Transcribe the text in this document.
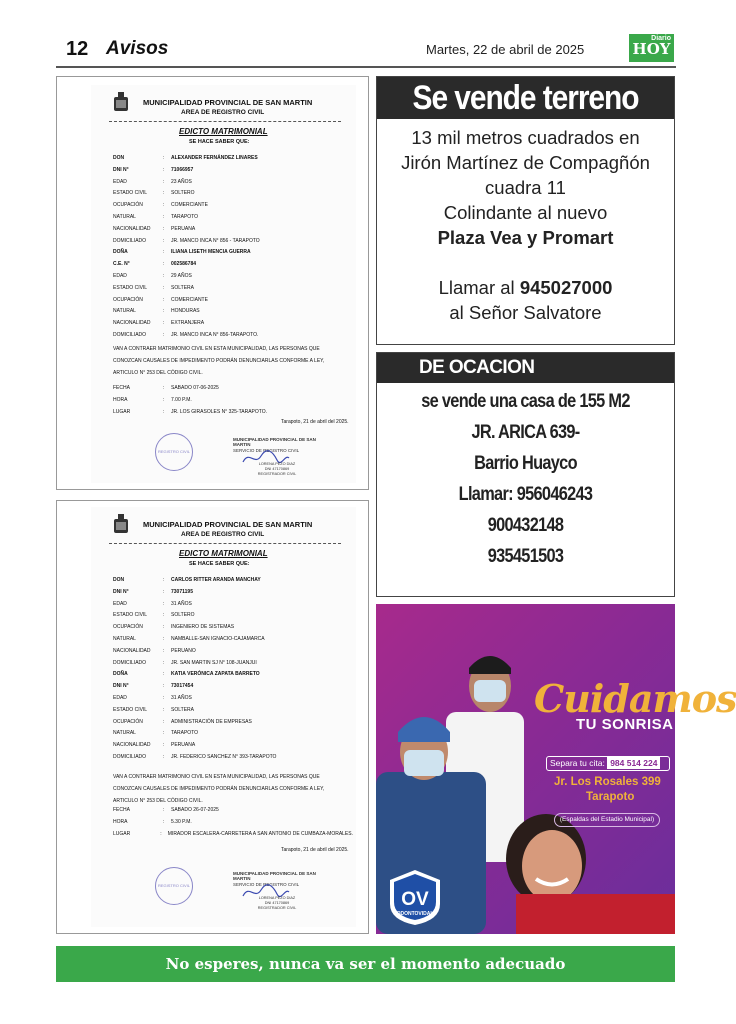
12 Avisos	Martes, 22 de abril de 2025
Diario
HOY
MUNICIPALIDAD PROVINCIAL DE SAN MARTIN
AREA DE REGISTRO CIVIL
EDICTO MATRIMONIAL
SE HACE SABER QUE:
DON	:	ALEXANDER FERNÁNDEZ LINARES
DNI N°	:	71066957
EDAD	:	23 AÑOS
ESTADO CIVIL	:	SOLTERO
OCUPACIÓN	:	COMERCIANTE
NATURAL	:	TARAPOTO
NACIONALIDAD	:	PERUANA
DOMICILIADO	:	JR. MANCO INCA N° 856 - TARAPOTO
DOÑA	:	ILIANA LISETH MENCIA GUERRA
C.E. N°	:	002586784
EDAD	:	29 AÑOS
ESTADO CIVIL	:	SOLTERA
OCUPACIÓN	:	COMERCIANTE
NATURAL	:	HONDURAS
NACIONALIDAD	:	EXTRANJERA
DOMICILIADO	:	JR. MANCO INCA N° 856-TARAPOTO.
VAN A CONTRAER MATRIMONIO CIVIL EN ESTA MUNICIPALIDAD, LAS PERSONAS QUE CONOZCAN CAUSALES DE IMPEDIMENTO PODRÁN DENUNCIARLAS CONFORME A LEY, ARTICULO N° 253 DEL CÓDIGO CIVIL.
FECHA	:	SABADO 07-06-2025
HORA	:	7.00 P.M.
LUGAR	:	JR. LOS GIRASOLES N° 325-TARAPOTO.
Tarapoto, 21 de abril del 2025.
REGISTRO CIVIL
MUNICIPALIDAD PROVINCIAL DE SAN MARTIN
SERVICIO DE REGISTRO CIVIL
LORENA PEZO DIAZ
DNI 47170869
REGISTRADOR CIVIL
MUNICIPALIDAD PROVINCIAL DE SAN MARTIN
AREA DE REGISTRO CIVIL
EDICTO MATRIMONIAL
SE HACE SABER QUE:
DON	:	CARLOS RITTER ARANDA MANCHAY
DNI N°	:	73071195
EDAD	:	31 AÑOS
ESTADO CIVIL	:	SOLTERO
OCUPACIÓN	:	INGENIERO DE SISTEMAS
NATURAL	:	NAMBALLE-SAN IGNACIO-CAJAMARCA
NACIONALIDAD	:	PERUANO
DOMICILIADO	:	JR. SAN MARTIN SJ N° 108-JUANJUI
DOÑA	:	KATIA VERÓNICA ZAPATA BARRETO
DNI N°	:	73017454
EDAD	:	31 AÑOS
ESTADO CIVIL	:	SOLTERA
OCUPACIÓN	:	ADMINISTRACIÓN DE EMPRESAS
NATURAL	:	TARAPOTO
NACIONALIDAD	:	PERUANA
DOMICILIADO	:	JR. FEDERICO SANCHEZ N° 393-TARAPOTO
VAN A CONTRAER MATRIMONIO CIVIL EN ESTA MUNICIPALIDAD, LAS PERSONAS QUE CONOZCAN CAUSALES DE IMPEDIMENTO PODRÁN DENUNCIARLAS CONFORME A LEY, ARTICULO N° 253 DEL CÓDIGO CIVIL.
FECHA	:	SABADO 26-07-2025
HORA	:	5.30 P.M.
LUGAR	:	MIRADOR ESCALERA-CARRETERA A SAN ANTONIO DE CUMBAZA-MORALES.
Tarapoto, 21 de abril del 2025.
REGISTRO CIVIL
MUNICIPALIDAD PROVINCIAL DE SAN MARTIN
SERVICIO DE REGISTRO CIVIL
LORENA PEZO DIAZ
DNI 47170869
REGISTRADOR CIVIL
Se vende terreno
13 mil metros cuadrados en
Jirón Martínez de Compagñón
cuadra 11
Colindante al nuevo
Plaza Vea y Promart
Llamar al 945027000
al Señor Salvatore
DE OCACION
se vende una casa de 155 M2
JR. ARICA 639-
Barrio Huayco
Llamar: 956046243
900432148
935451503
Cuidamos
TU SONRISA
Separa tu cita: 984 514 224
Jr. Los Rosales 399
Tarapoto
(Espaldas del Estadio Municipal)
OV
ODONTOVIDAL
No esperes, nunca va ser el momento adecuado
